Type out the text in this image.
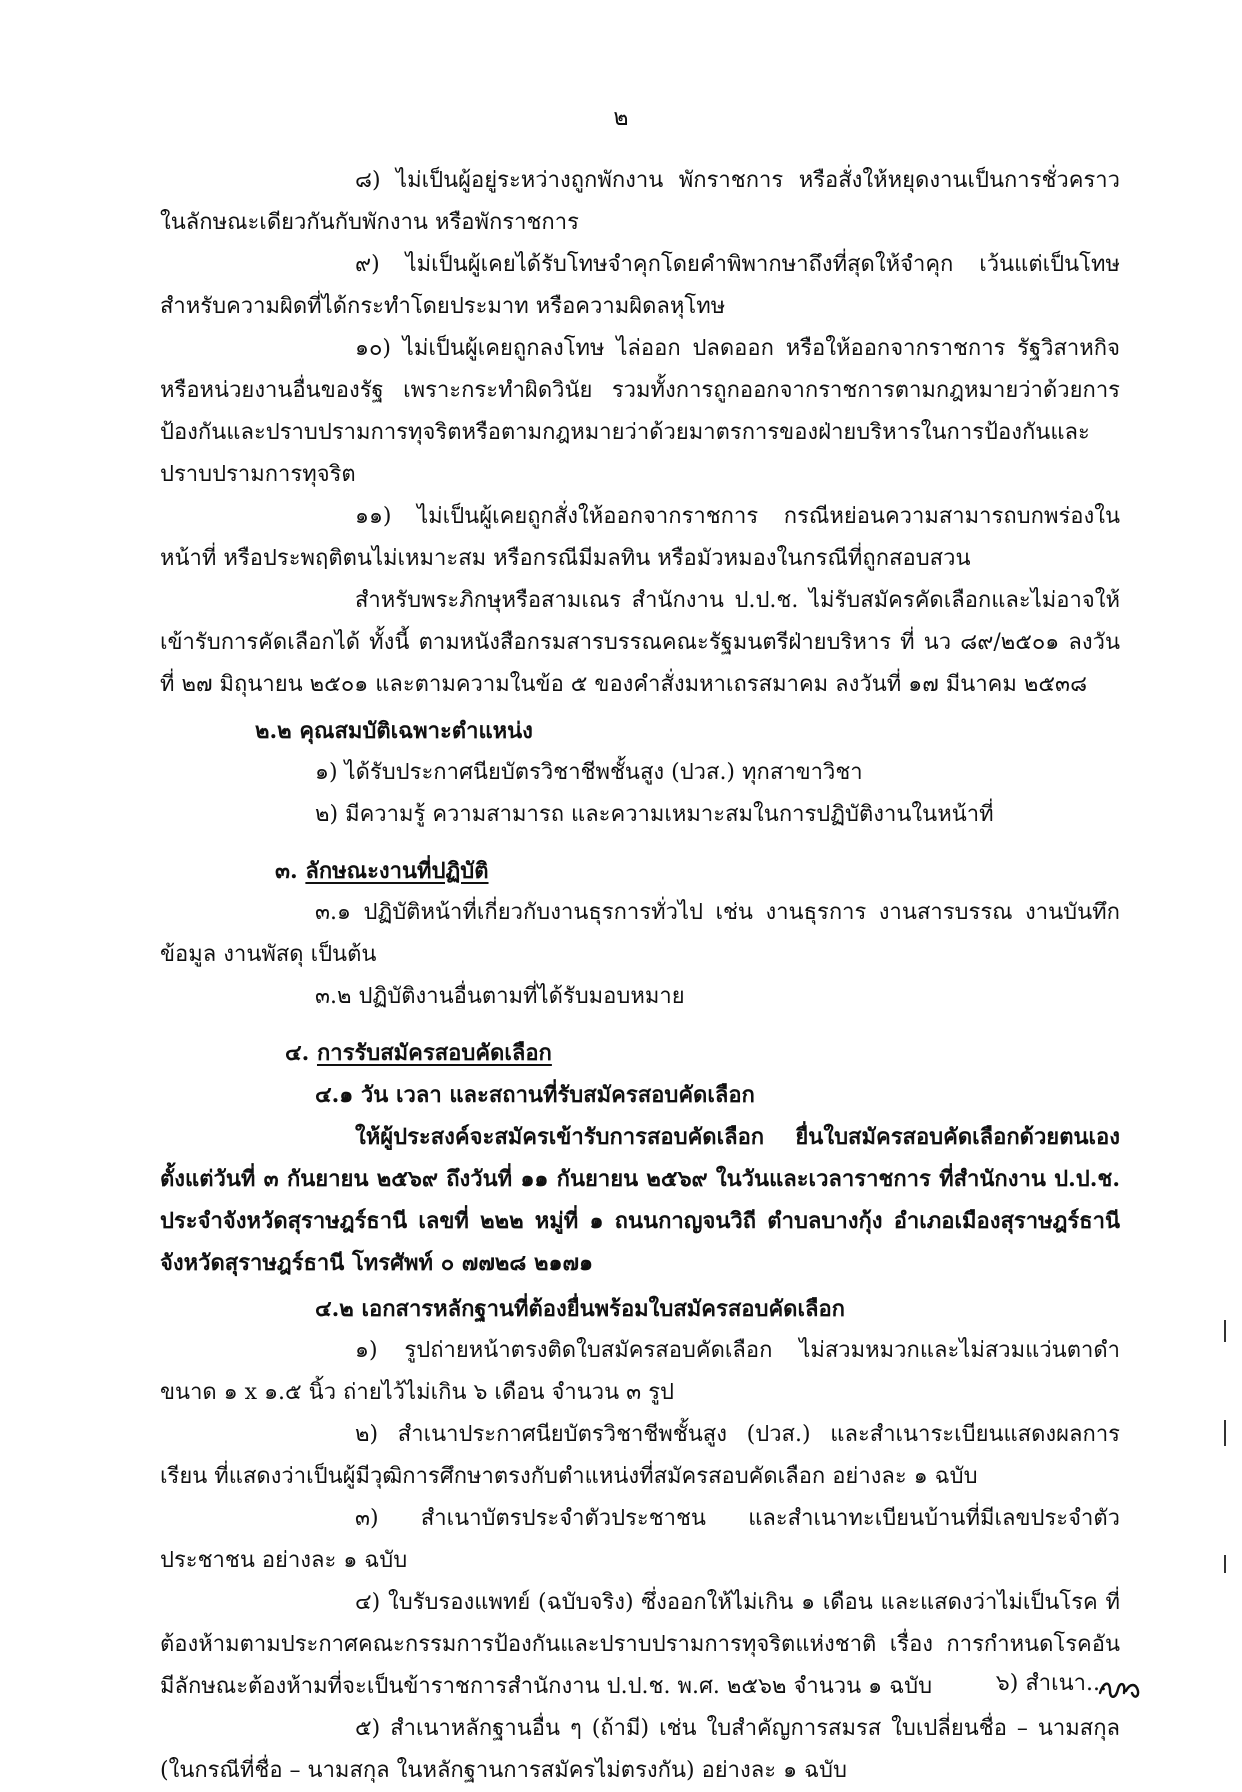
๒

๘) ไม่เป็นผู้อยู่ระหว่างถูกพักงาน พักราชการ หรือสั่งให้หยุดงานเป็นการชั่วคราว ในลักษณะเดียวกันกับพักงาน หรือพักราชการ

๙) ไม่เป็นผู้เคยได้รับโทษจำคุกโดยคำพิพากษาถึงที่สุดให้จำคุก เว้นแต่เป็นโทษสำหรับความผิดที่ได้กระทำโดยประมาท หรือความผิดลหุโทษ

๑๐) ไม่เป็นผู้เคยถูกลงโทษ ไล่ออก ปลดออก หรือให้ออกจากราชการ รัฐวิสาหกิจ หรือหน่วยงานอื่นของรัฐ เพราะกระทำผิดวินัย รวมทั้งการถูกออกจากราชการตามกฎหมายว่าด้วยการป้องกันและปราบปรามการทุจริตหรือตามกฎหมายว่าด้วยมาตรการของฝ่ายบริหารในการป้องกันและปราบปรามการทุจริต

๑๑) ไม่เป็นผู้เคยถูกสั่งให้ออกจากราชการ กรณีหย่อนความสามารถบกพร่องในหน้าที่ หรือประพฤติตนไม่เหมาะสม หรือกรณีมีมลทิน หรือมัวหมองในกรณีที่ถูกสอบสวน

สำหรับพระภิกษุหรือสามเณร สำนักงาน ป.ป.ช. ไม่รับสมัครคัดเลือกและไม่อาจให้เข้ารับการคัดเลือกได้ ทั้งนี้ ตามหนังสือกรมสารบรรณคณะรัฐมนตรีฝ่ายบริหาร ที่ นว ๘๙/๒๕๐๑ ลงวันที่ ๒๗ มิถุนายน ๒๕๐๑ และตามความในข้อ ๕ ของคำสั่งมหาเถรสมาคม ลงวันที่ ๑๗ มีนาคม ๒๕๓๘

๒.๒ คุณสมบัติเฉพาะตำแหน่ง

๑) ได้รับประกาศนียบัตรวิชาชีพชั้นสูง (ปวส.) ทุกสาขาวิชา

๒) มีความรู้ ความสามารถ และความเหมาะสมในการปฏิบัติงานในหน้าที่

๓. ลักษณะงานที่ปฏิบัติ

๓.๑ ปฏิบัติหน้าที่เกี่ยวกับงานธุรการทั่วไป เช่น งานธุรการ งานสารบรรณ งานบันทึกข้อมูล งานพัสดุ เป็นต้น

๓.๒ ปฏิบัติงานอื่นตามที่ได้รับมอบหมาย

๔. การรับสมัครสอบคัดเลือก

๔.๑ วัน เวลา และสถานที่รับสมัครสอบคัดเลือก

ให้ผู้ประสงค์จะสมัครเข้ารับการสอบคัดเลือก ยื่นใบสมัครสอบคัดเลือกด้วยตนเอง ตั้งแต่วันที่ ๓ กันยายน ๒๕๖๙ ถึงวันที่ ๑๑ กันยายน ๒๕๖๙ ในวันและเวลาราชการ ที่สำนักงาน ป.ป.ช. ประจำจังหวัดสุราษฎร์ธานี เลขที่ ๒๒๒ หมู่ที่ ๑ ถนนกาญจนวิถี ตำบลบางกุ้ง อำเภอเมืองสุราษฎร์ธานี จังหวัดสุราษฎร์ธานี โทรศัพท์ ๐ ๗๗๒๘ ๒๑๗๑

๔.๒ เอกสารหลักฐานที่ต้องยื่นพร้อมใบสมัครสอบคัดเลือก

๑) รูปถ่ายหน้าตรงติดใบสมัครสอบคัดเลือก ไม่สวมหมวกและไม่สวมแว่นตาดำ ขนาด ๑ x ๑.๕ นิ้ว ถ่ายไว้ไม่เกิน ๖ เดือน จำนวน ๓ รูป

๒) สำเนาประกาศนียบัตรวิชาชีพชั้นสูง (ปวส.) และสำเนาระเบียนแสดงผลการเรียน ที่แสดงว่าเป็นผู้มีวุฒิการศึกษาตรงกับตำแหน่งที่สมัครสอบคัดเลือก อย่างละ ๑ ฉบับ

๓) สำเนาบัตรประจำตัวประชาชน และสำเนาทะเบียนบ้านที่มีเลขประจำตัวประชาชน อย่างละ ๑ ฉบับ

๔) ใบรับรองแพทย์ (ฉบับจริง) ซึ่งออกให้ไม่เกิน ๑ เดือน และแสดงว่าไม่เป็นโรค ที่ต้องห้ามตามประกาศคณะกรรมการป้องกันและปราบปรามการทุจริตแห่งชาติ เรื่อง การกำหนดโรคอันมีลักษณะต้องห้ามที่จะเป็นข้าราชการสำนักงาน ป.ป.ช. พ.ศ. ๒๕๖๒ จำนวน ๑ ฉบับ

๕) สำเนาหลักฐานอื่น ๆ (ถ้ามี) เช่น ใบสำคัญการสมรส ใบเปลี่ยนชื่อ – นามสกุล (ในกรณีที่ชื่อ – นามสกุล ในหลักฐานการสมัครไม่ตรงกัน) อย่างละ ๑ ฉบับ

๖) สำเนา...
